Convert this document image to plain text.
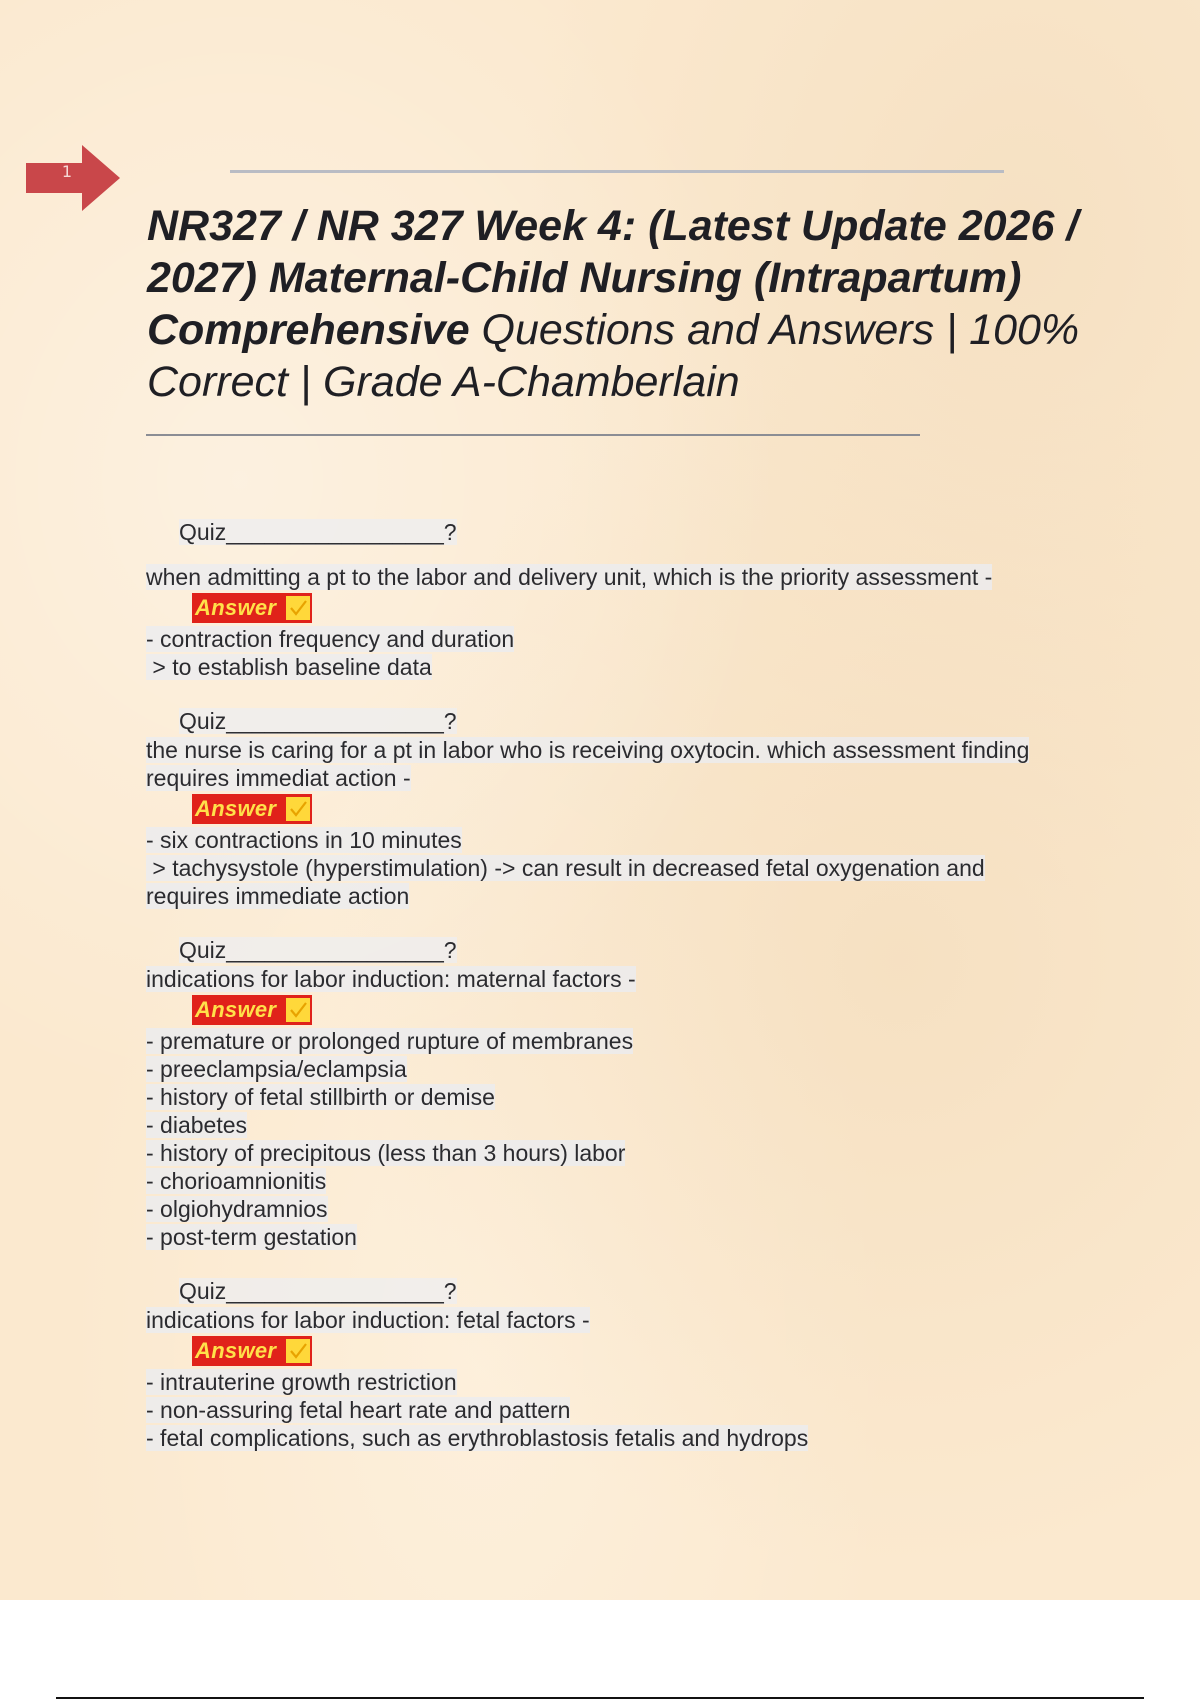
1
NR327 / NR 327 Week 4: (Latest Update 2026 / 2027) Maternal-Child Nursing (Intrapartum) Comprehensive Questions and Answers | 100% Correct | Grade A-Chamberlain
Quiz_________________?
when admitting a pt to the labor and delivery unit, which is the priority assessment -
Answer
- contraction frequency and duration
> to establish baseline data
Quiz_________________?
the nurse is caring for a pt in labor who is receiving oxytocin. which assessment finding
requires immediat action -
Answer
- six contractions in 10 minutes
> tachysystole (hyperstimulation) -> can result in decreased fetal oxygenation and
requires immediate action
Quiz_________________?
indications for labor induction: maternal factors -
Answer
- premature or prolonged rupture of membranes
- preeclampsia/eclampsia
- history of fetal stillbirth or demise
- diabetes
- history of precipitous (less than 3 hours) labor
- chorioamnionitis
- olgiohydramnios
- post-term gestation
Quiz_________________?
indications for labor induction: fetal factors -
Answer
- intrauterine growth restriction
- non-assuring fetal heart rate and pattern
- fetal complications, such as erythroblastosis fetalis and hydrops
